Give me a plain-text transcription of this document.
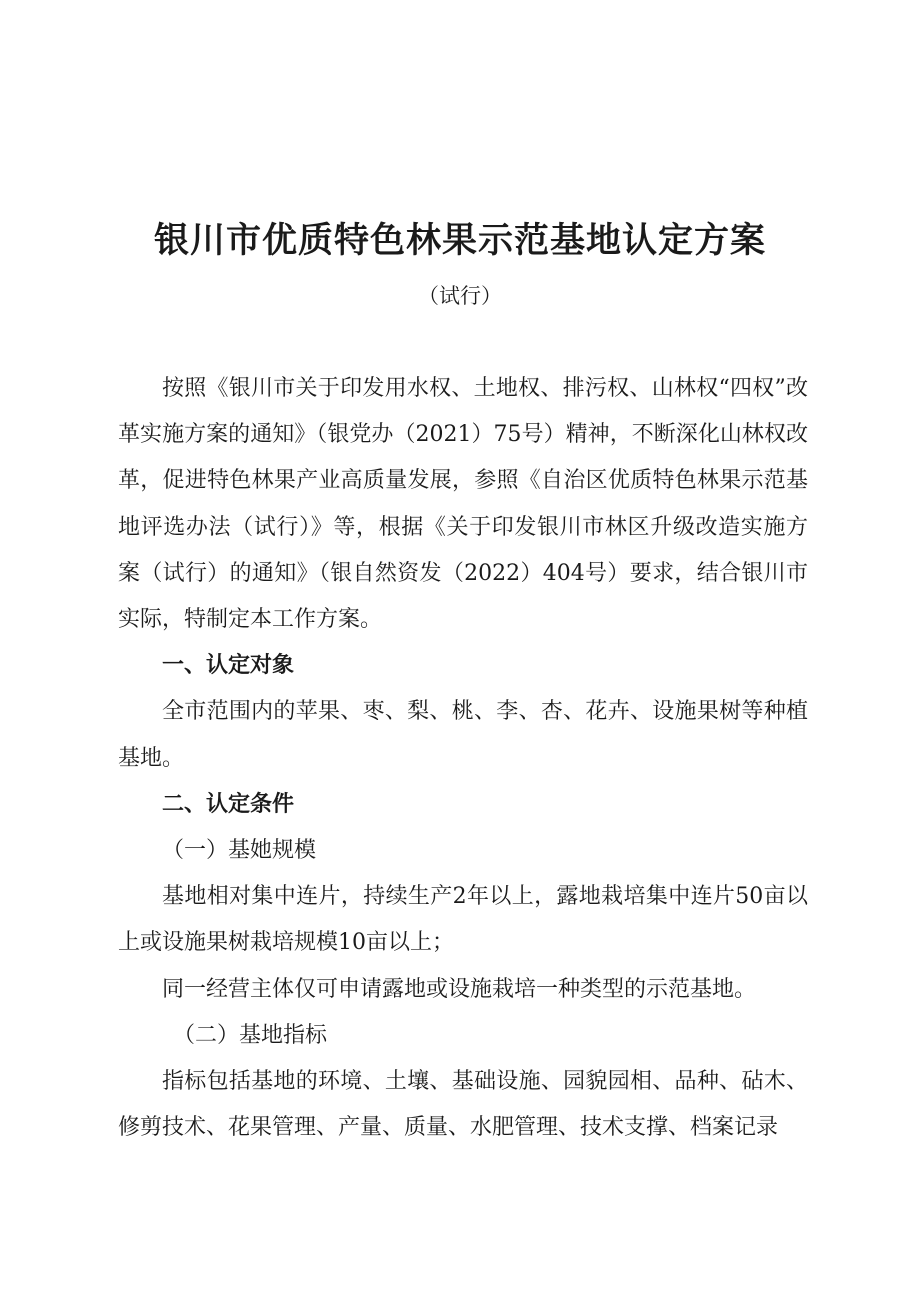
银川市优质特色林果示范基地认定方案
（试行）

按照《银川市关于印发用水权、土地权、排污权、山林权“四权”改革实施方案的通知》（银党办（2021）75号）精神，不断深化山林权改革，促进特色林果产业高质量发展，参照《自治区优质特色林果示范基地评选办法（试行）》等，根据《关于印发银川市林区升级改造实施方案（试行）的通知》（银自然资发（2022）404号）要求，结合银川市实际，特制定本工作方案。

一、认定对象

全市范围内的苹果、枣、梨、桃、李、杏、花卉、设施果树等种植基地。

二、认定条件
（一）基她规模

基地相对集中连片，持续生产2年以上，露地栽培集中连片50亩以上或设施果树栽培规模10亩以上；

同一经营主体仅可申请露地或设施栽培一种类型的示范基地。

（二）基地指标

指标包括基地的环境、土壤、基础设施、园貌园相、品种、砧木、修剪技术、花果管理、产量、质量、水肥管理、技术支撑、档案记录
